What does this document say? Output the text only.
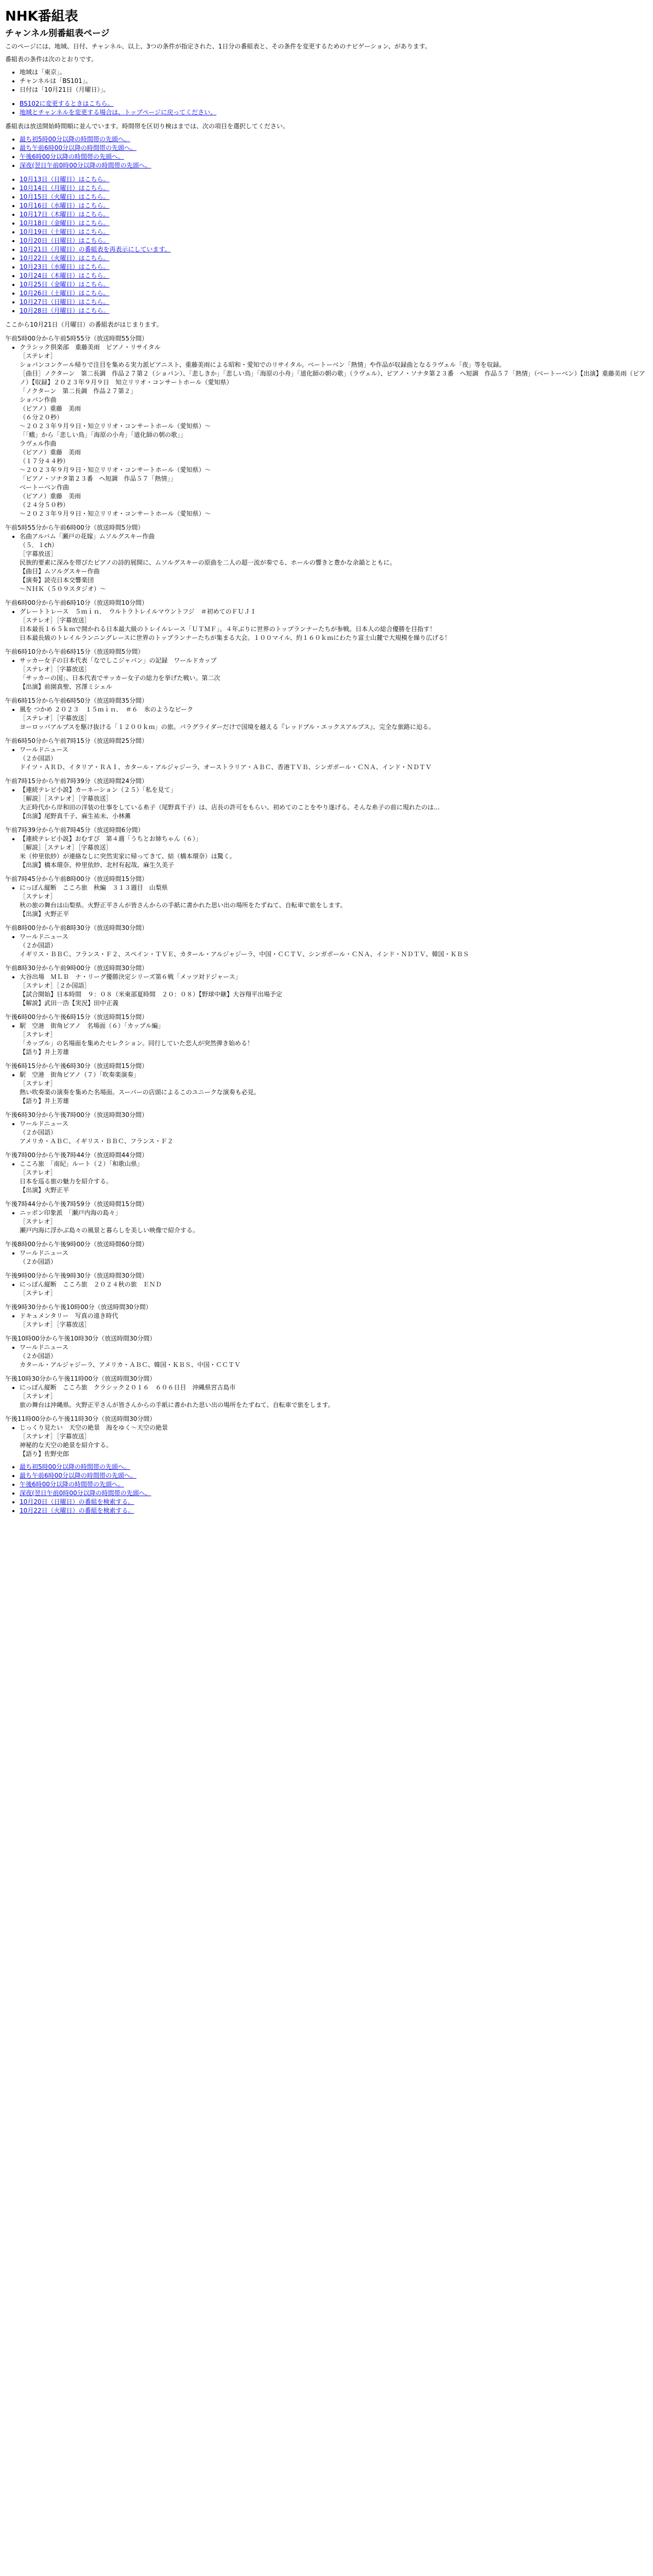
NHK番組表
チャンネル別番組表ページ

このページには、地域、日付、チャンネル、以上、3つの条件が指定された、1日分の番組表と、その条件を変更するためのナビゲーション、があります。

番組表の条件は次のとおりです。

• 地域は「東京」。
• チャンネルは「BS101」。
• 日付は「10月21日（月曜日）」。
• BS102に変更するときはこちら。
• 地域とチャンネルを変更する場合は、トップページに戻ってください。

番組表は放送開始時間順に並んでいます。時間帯を区切り検はまでは、次の項目を選択してください。

• 最ち初5時00分以降の時間帯の先頭へ。
• 最ち午前6時00分以降の時間帯の先頭へ。
• 午後6時00分以降の時間帯の先頭へ。
• 深夜(翌日午前0時00分以降の時間帯の先頭へ。
• 10月13日（日曜日）はこちら。
• 10月14日（月曜日）はこちら。
• 10月15日（火曜日）はこちら。
• 10月16日（水曜日）はこちら。
• 10月17日（木曜日）はこちら。
• 10月18日（金曜日）はこちら。
• 10月19日（土曜日）はこちら。
• 10月20日（日曜日）はこちら。
• 10月21日（月曜日）の番組表を再表示にしています。
• 10月22日（火曜日）はこちら。
• 10月23日（水曜日）はこちら。
• 10月24日（木曜日）はこちら。
• 10月25日（金曜日）はこちら。
• 10月26日（土曜日）はこちら。
• 10月27日（日曜日）はこちら。
• 10月28日（月曜日）はこちら。

ここから10月21日（月曜日）の番組表がはじまります。

午前5時00分から午前5時55分（放送時間55分間）

• クラシック倶楽部　重藤美雨　ピアノ・リサイタル
［ステレオ］
ショパンコンクール帰りで注目を集める実力派ピアニスト、重藤美雨による昭和・愛知でのリサイタル。ベートーベン「熱情」や作品が収録曲となるラヴェル「夜」等を収録。
［曲目］ノクターン　第二長調　作品２７第２（ショパン）、「悲しきか」「悲しい鳥」「海原の小舟」「道化師の朝の歌」（ラヴェル）、ピアノ・ソナタ第２３番　ヘ短調　作品５７「熱情」（ベートーベン）【出演】重藤美雨（ピアノ）【収録】２０２３年９月９日　知立リリオ・コンサートホール（愛知県）
「ノクターン　第二長調　作品２７第２」
ショパン作曲
（ピアノ）重藤　美雨
（６分２０秒）
〜２０２３年９月９日・知立リリオ・コンサートホール（愛知県）〜
「「蛾」から「悲しい鳥」「海原の小舟」「道化師の朝の歌」」
ラヴェル作曲
（ピアノ）重藤　美雨
（１７分４４秒）
〜２０２３年９月９日・知立リリオ・コンサートホール（愛知県）〜
「ピアノ・ソナタ第２３番　ヘ短調　作品５７「熱情」」
ベートーベン作曲
（ピアノ）重藤　美雨
（２４分５０秒）
〜２０２３年９月９日・知立リリオ・コンサートホール（愛知県）〜

午前5時55分から午前6時00分（放送時間5分間）

• 名曲アルバム「瀬戸の花嫁」ムソルグスキー作曲
（５．１ch）
［字幕放送］
民族的要素に深みを帯びたピアノの詩的展開に、ムソルグスキーの原曲を二人の超一流が奏でる、ホールの響きと豊かな余韻とともに。
【曲目】ムソルグスキー作曲
【演奏】読売日本交響楽団
〜ＮＨＫ（５０９スタジオ）〜

午前6時00分から午前6時10分（放送時間10分間）

• グレートトレース　５ｍｉｎ．　ウルトラトレイルマウントフジ　＃初めてのＦＵＪＩ
［ステレオ］［字幕放送］
日本最長１６５ｋｍで開かれる日本最大級のトレイルレース「ＵＴＭＦ」。４年ぶりに世界のトップランナーたちが参戦。日本人の総合優勝を目指す！
日本最長級のトレイルランニングレースに世界のトップランナーたちが集まる大会。１００マイル、約１６０ｋｍにわたり富士山麓で大規模を繰り広げる！

午前6時10分から午前6時15分（放送時間5分間）

• サッカー女子の日本代表「なでしこジャパン」の記録　ワールドカップ
［ステレオ］［字幕放送］
「サッカーの国」、日本代表でサッカー女子の総力を挙げた戦い。第二次
【出演】前園真聖、宮澤ミシェル

午前6時15分から午前6時50分（放送時間35分間）

• 風を つかめ ２０２３　１５ｍｉｎ．　＃６　氷のようなピーク
［ステレオ］［字幕放送］
ヨーロッパアルプスを駆け抜ける「１２００ｋｍ」の旅。パラグライダーだけで国境を越える『レッドブル・エックスアルプス』、完全な旅路に迫る。

午前6時50分から午前7時15分（放送時間25分間）

• ワールドニュース
（２か国語）
ドイツ・ＡＲＤ、イタリア・ＲＡＩ、カタール・アルジャジーラ、オーストラリア・ＡＢＣ、香港ＴＶＢ、シンガポール・ＣＮＡ、インド・ＮＤＴＶ

午前7時15分から午前7時39分（放送時間24分間）

• 【連続テレビ小説】カーネーション（２５）「私を見て」
［解説］［ステレオ］［字幕放送］
大正時代から岸和田の洋装の仕事をしている糸子（尾野真千子）は、店長の許可をもらい、初めてのことをやり遂げる。そんな糸子の前に現れたのは…
【出演】尾野真千子、麻生祐未、小林薫

午前7時39分から午前7時45分（放送時間6分間）

• 【連続テレビ小説】おむすび　第４週「うちとお姉ちゃん（６）」
［解説］［ステレオ］［字幕放送］
米（仲里依紗）が連絡なしに突然実家に帰ってきて、結（橋本環奈）は驚く。
【出演】橋本環奈、仲里依紗、北村有起哉、麻生久美子

午前7時45分から午前8時00分（放送時間15分間）

• にっぽん縦断　こころ旅　秋編　３１３週目　山梨県
［ステレオ］
秋の旅の舞台は山梨県。火野正平さんが皆さんからの手紙に書かれた思い出の場所をたずねて、自転車で旅をします。
【出演】火野正平

午前8時00分から午前8時30分（放送時間30分間）

• ワールドニュース
（２か国語）
イギリス・ＢＢＣ、フランス・Ｆ２、スペイン・ＴＶＥ、カタール・アルジャジーラ、中国・ＣＣＴＶ、シンガポール・ＣＮＡ、インド・ＮＤＴＶ、韓国・ＫＢＳ

午前8時30分から午前9時00分（放送時間30分間）

• 大谷出場　ＭＬＢ　ナ・リーグ優勝決定シリーズ第６戦「メッツ対ドジャース」
［ステレオ］［２か国語］
【試合開始】日本時間　９：０８（米東部夏時間　２０：０８）【野球中継】大谷翔平出場予定
【解説】武田一浩【実況】田中正義

午後6時00分から午後6時15分（放送時間15分間）

• 駅　空港　街角ピアノ　名場面（６）「カップル編」
［ステレオ］
「カップル」の名場面を集めたセレクション。同行していた恋人が突然弾き始める！
【語り】井上芳雄

午後6時15分から午後6時30分（放送時間15分間）

• 駅　空港　街角ピアノ（７）「吹奏楽演奏」
［ステレオ］
熱い吹奏楽の演奏を集めた名場面。スーパーの店頭によるこのユニークな演奏も必見。
【語り】井上芳雄

午後6時30分から午後7時00分（放送時間30分間）

• ワールドニュース
（２か国語）
アメリカ・ＡＢＣ、イギリス・ＢＢＣ、フランス・Ｆ２

午後7時00分から午後7時44分（放送時間44分間）

• こころ旅　「南紀」ルート（２）「和歌山県」
［ステレオ］
日本を巡る旅の魅力を紹介する。
【出演】火野正平

午後7時44分から午後7時59分（放送時間15分間）

• ニッポン印象派　「瀬戸内海の島々」
［ステレオ］
瀬戸内海に浮かぶ島々の風景と暮らしを美しい映像で紹介する。

午後8時00分から午後9時00分（放送時間60分間）

• ワールドニュース
（２か国語）

午後9時00分から午後9時30分（放送時間30分間）

• にっぽん縦断　こころ旅　２０２４秋の旅　ＥＮＤ
［ステレオ］

午後9時30分から午後10時00分（放送時間30分間）

• ドキュメンタリー　写真の遠き時代
［ステレオ］［字幕放送］

午後10時00分から午後10時30分（放送時間30分間）

• ワールドニュース
（２か国語）
カタール・アルジャジーラ、アメリカ・ＡＢＣ、韓国・ＫＢＳ、中国・ＣＣＴＶ

午後10時30分から午後11時00分（放送時間30分間）

• にっぽん縦断　こころ旅　クラシック２０１６　６０６日目　沖縄県宮古島市
［ステレオ］
旅の舞台は沖縄県。火野正平さんが皆さんからの手紙に書かれた思い出の場所をたずねて、自転車で旅をします。

午後11時00分から午後11時30分（放送時間30分間）

• じっくり見たい　天空の絶景　海をゆく〜天空の絶景
［ステレオ］［字幕放送］
神秘的な天空の絶景を紹介する。
【語り】佐野史郎
• 最ち初5時00分以降の時間帯の先頭へ。
• 最ち午前6時00分以降の時間帯の先頭へ。
• 午後6時00分以降の時間帯の先頭へ。
• 深夜(翌日午前0時00分以降の時間帯の先頭へ。
• 10月20日（日曜日）の番組を検索する。
• 10月22日（火曜日）の番組を検索する。
